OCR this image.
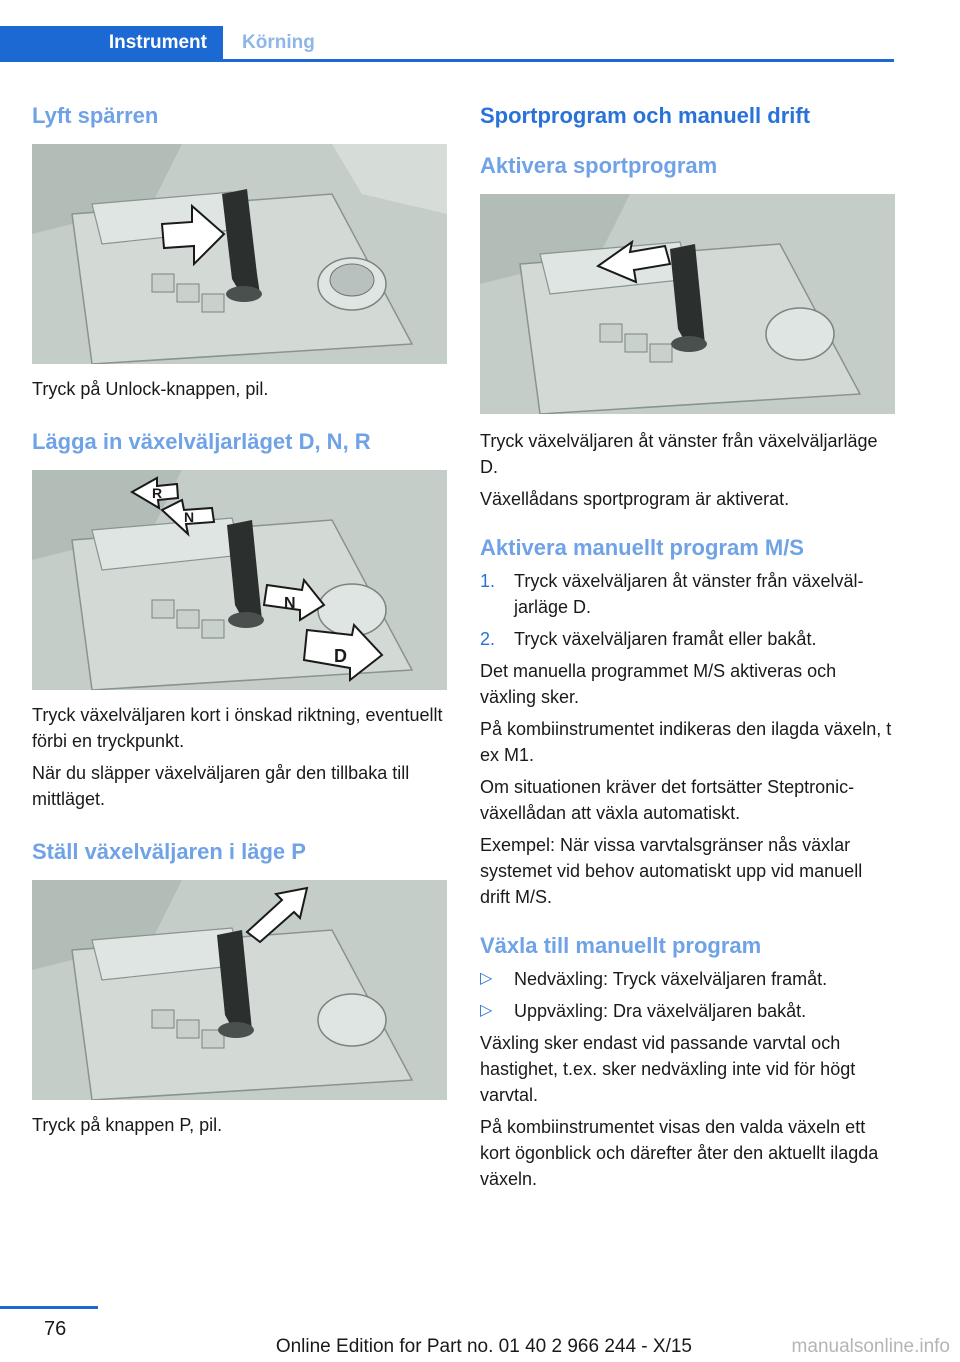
Instrument	Körning
Lyft spärren

Tryck på Unlock-knappen, pil.

Lägga in växelväljarläget D, N, R
R
N
N
D

Tryck växelväljaren kort i önskad riktning, eventuellt förbi en tryckpunkt.

När du släpper växelväljaren går den tillbaka till mittläget.

Ställ växelväljaren i läge P

Tryck på knappen P, pil.

Sportprogram och manuell drift
Aktivera sportprogram

Tryck växelväljaren åt vänster från växelväljarläge D.

Växellådans sportprogram är aktiverat.

Aktivera manuellt program M/S
1. Tryck växelväljaren åt vänster från växelväljarläge D.
2. Tryck växelväljaren framåt eller bakåt.

Det manuella programmet M/S aktiveras och växling sker.

På kombiinstrumentet indikeras den ilagda växeln, t ex M1.

Om situationen kräver det fortsätter Steptronic-växellådan att växla automatiskt.

Exempel: När vissa varvtalsgränser nås växlar systemet vid behov automatiskt upp vid manuell drift M/S.

Växla till manuellt program
▷ Nedväxling: Tryck växelväljaren framåt.
▷ Uppväxling: Dra växelväljaren bakåt.

Växling sker endast vid passande varvtal och hastighet, t.ex. sker nedväxling inte vid för högt varvtal.

På kombiinstrumentet visas den valda växeln ett kort ögonblick och därefter åter den aktuellt ilagda växeln.

76
Online Edition for Part no. 01 40 2 966 244 - X/15	manualsonline.info
